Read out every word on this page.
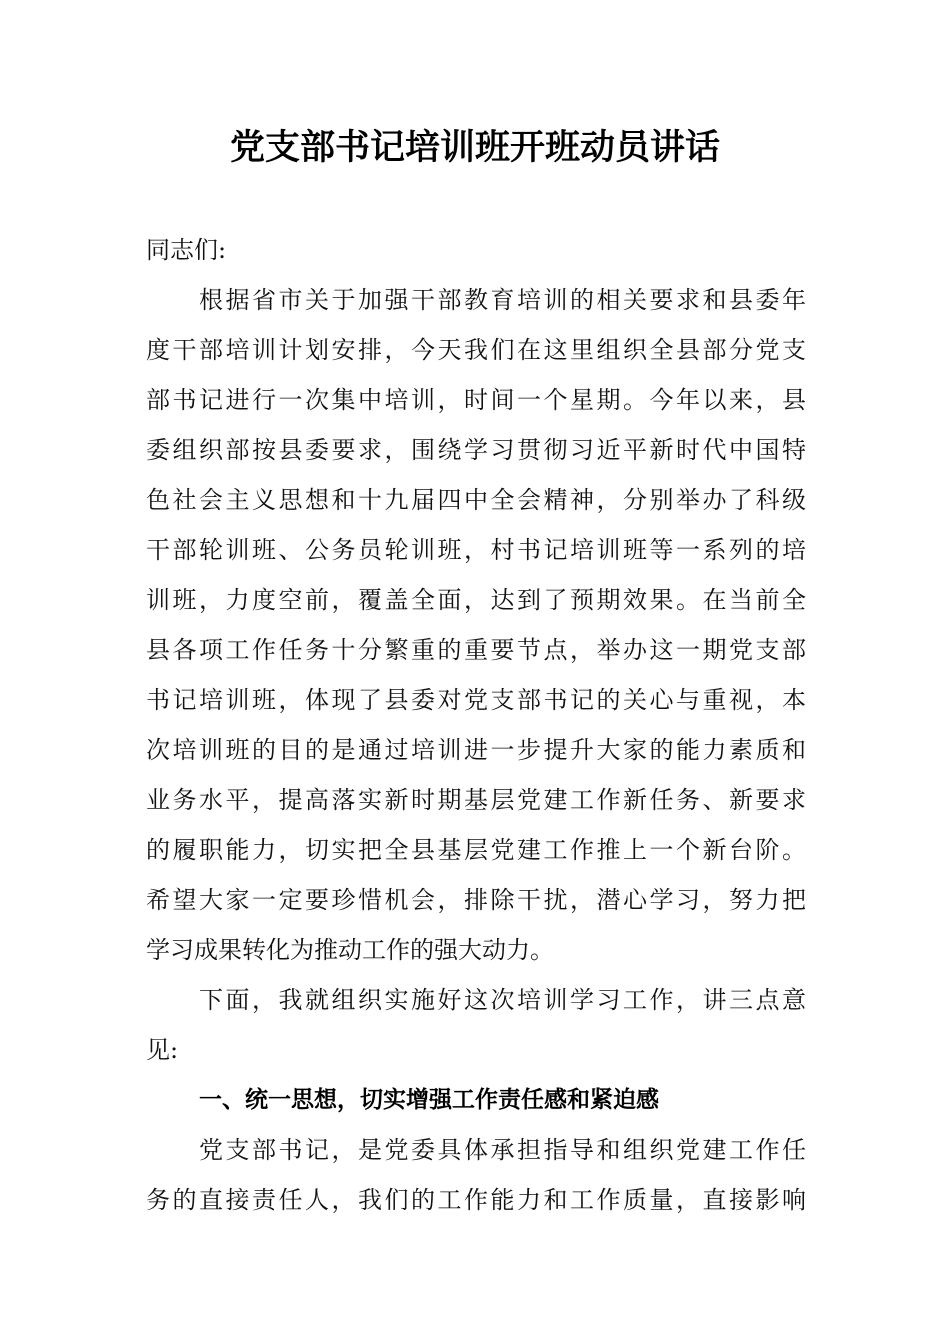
党支部书记培训班开班动员讲话
同志们:
根据省市关于加强干部教育培训的相关要求和县委年
度干部培训计划安排，今天我们在这里组织全县部分党支
部书记进行一次集中培训，时间一个星期。今年以来，县
委组织部按县委要求，围绕学习贯彻习近平新时代中国特
色社会主义思想和十九届四中全会精神，分别举办了科级
干部轮训班、公务员轮训班，村书记培训班等一系列的培
训班，力度空前，覆盖全面，达到了预期效果。在当前全
县各项工作任务十分繁重的重要节点，举办这一期党支部
书记培训班，体现了县委对党支部书记的关心与重视，本
次培训班的目的是通过培训进一步提升大家的能力素质和
业务水平，提高落实新时期基层党建工作新任务、新要求
的履职能力，切实把全县基层党建工作推上一个新台阶。
希望大家一定要珍惜机会，排除干扰，潜心学习，努力把
学习成果转化为推动工作的强大动力。
下面，我就组织实施好这次培训学习工作，讲三点意
见:
一、统一思想，切实增强工作责任感和紧迫感
党支部书记，是党委具体承担指导和组织党建工作任
务的直接责任人，我们的工作能力和工作质量，直接影响
